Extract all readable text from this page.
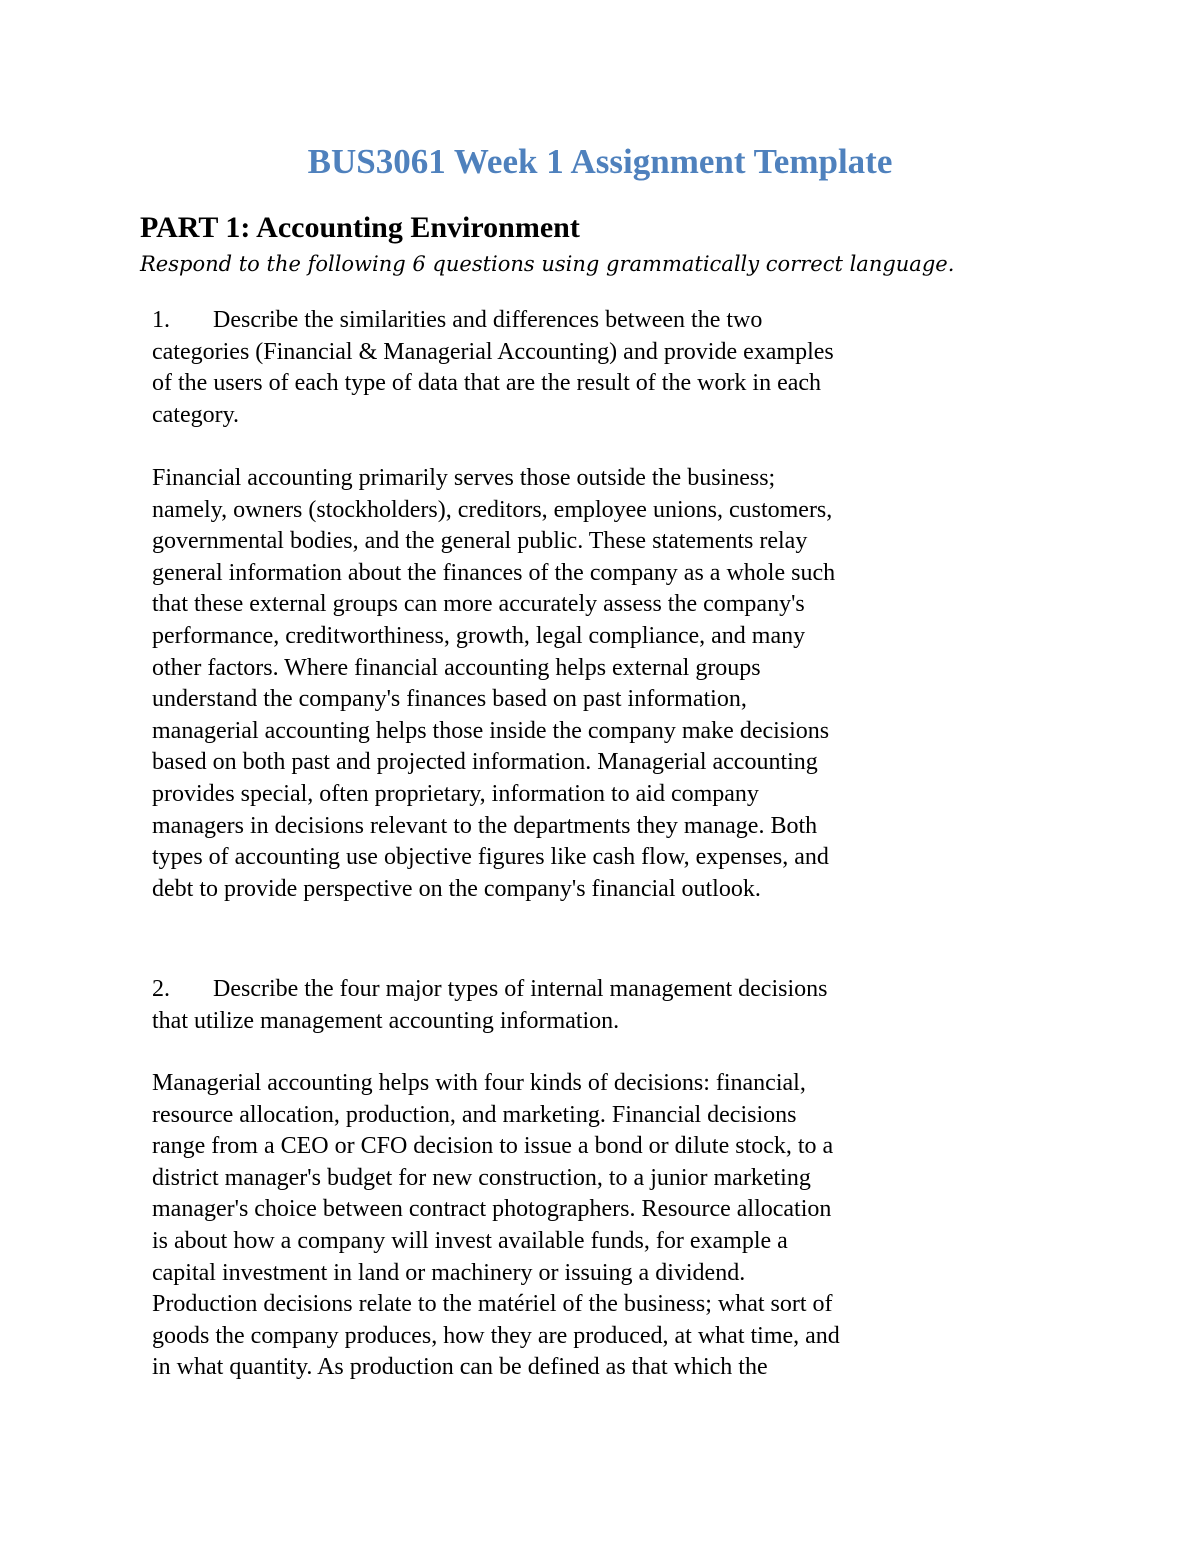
BUS3061 Week 1 Assignment Template
PART 1: Accounting Environment
Respond to the following 6 questions using grammatically correct language.
1. Describe the similarities and differences between the two
categories (Financial & Managerial Accounting) and provide examples
of the users of each type of data that are the result of the work in each
category.
Financial accounting primarily serves those outside the business;
namely, owners (stockholders), creditors, employee unions, customers,
governmental bodies, and the general public. These statements relay
general information about the finances of the company as a whole such
that these external groups can more accurately assess the company's
performance, creditworthiness, growth, legal compliance, and many
other factors. Where financial accounting helps external groups
understand the company's finances based on past information,
managerial accounting helps those inside the company make decisions
based on both past and projected information. Managerial accounting
provides special, often proprietary, information to aid company
managers in decisions relevant to the departments they manage. Both
types of accounting use objective figures like cash flow, expenses, and
debt to provide perspective on the company's financial outlook.
2. Describe the four major types of internal management decisions
that utilize management accounting information.
Managerial accounting helps with four kinds of decisions: financial,
resource allocation, production, and marketing. Financial decisions
range from a CEO or CFO decision to issue a bond or dilute stock, to a
district manager's budget for new construction, to a junior marketing
manager's choice between contract photographers. Resource allocation
is about how a company will invest available funds, for example a
capital investment in land or machinery or issuing a dividend.
Production decisions relate to the matériel of the business; what sort of
goods the company produces, how they are produced, at what time, and
in what quantity. As production can be defined as that which the
